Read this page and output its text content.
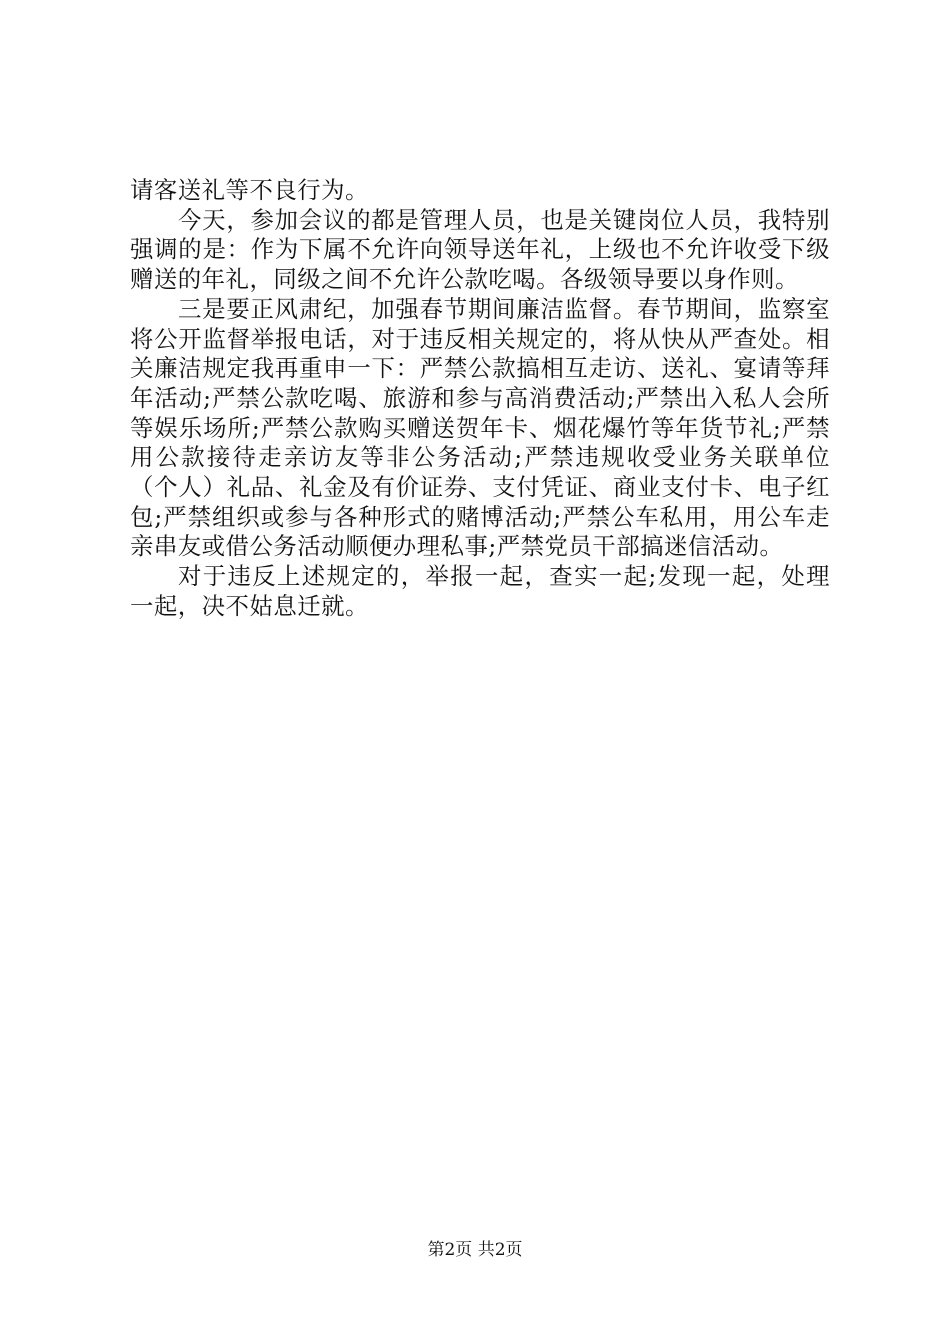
请客送礼等不良行为。

今天，参加会议的都是管理人员，也是关键岗位人员，我特别强调的是：作为下属不允许向领导送年礼，上级也不允许收受下级赠送的年礼，同级之间不允许公款吃喝。各级领导要以身作则。

三是要正风肃纪，加强春节期间廉洁监督。春节期间，监察室将公开监督举报电话，对于违反相关规定的，将从快从严查处。相关廉洁规定我再重申一下：严禁公款搞相互走访、送礼、宴请等拜年活动;严禁公款吃喝、旅游和参与高消费活动;严禁出入私人会所等娱乐场所;严禁公款购买赠送贺年卡、烟花爆竹等年货节礼;严禁用公款接待走亲访友等非公务活动;严禁违规收受业务关联单位（个人）礼品、礼金及有价证券、支付凭证、商业支付卡、电子红包;严禁组织或参与各种形式的赌博活动;严禁公车私用，用公车走亲串友或借公务活动顺便办理私事;严禁党员干部搞迷信活动。

对于违反上述规定的，举报一起，查实一起;发现一起，处理一起，决不姑息迁就。

第2页 共2页
